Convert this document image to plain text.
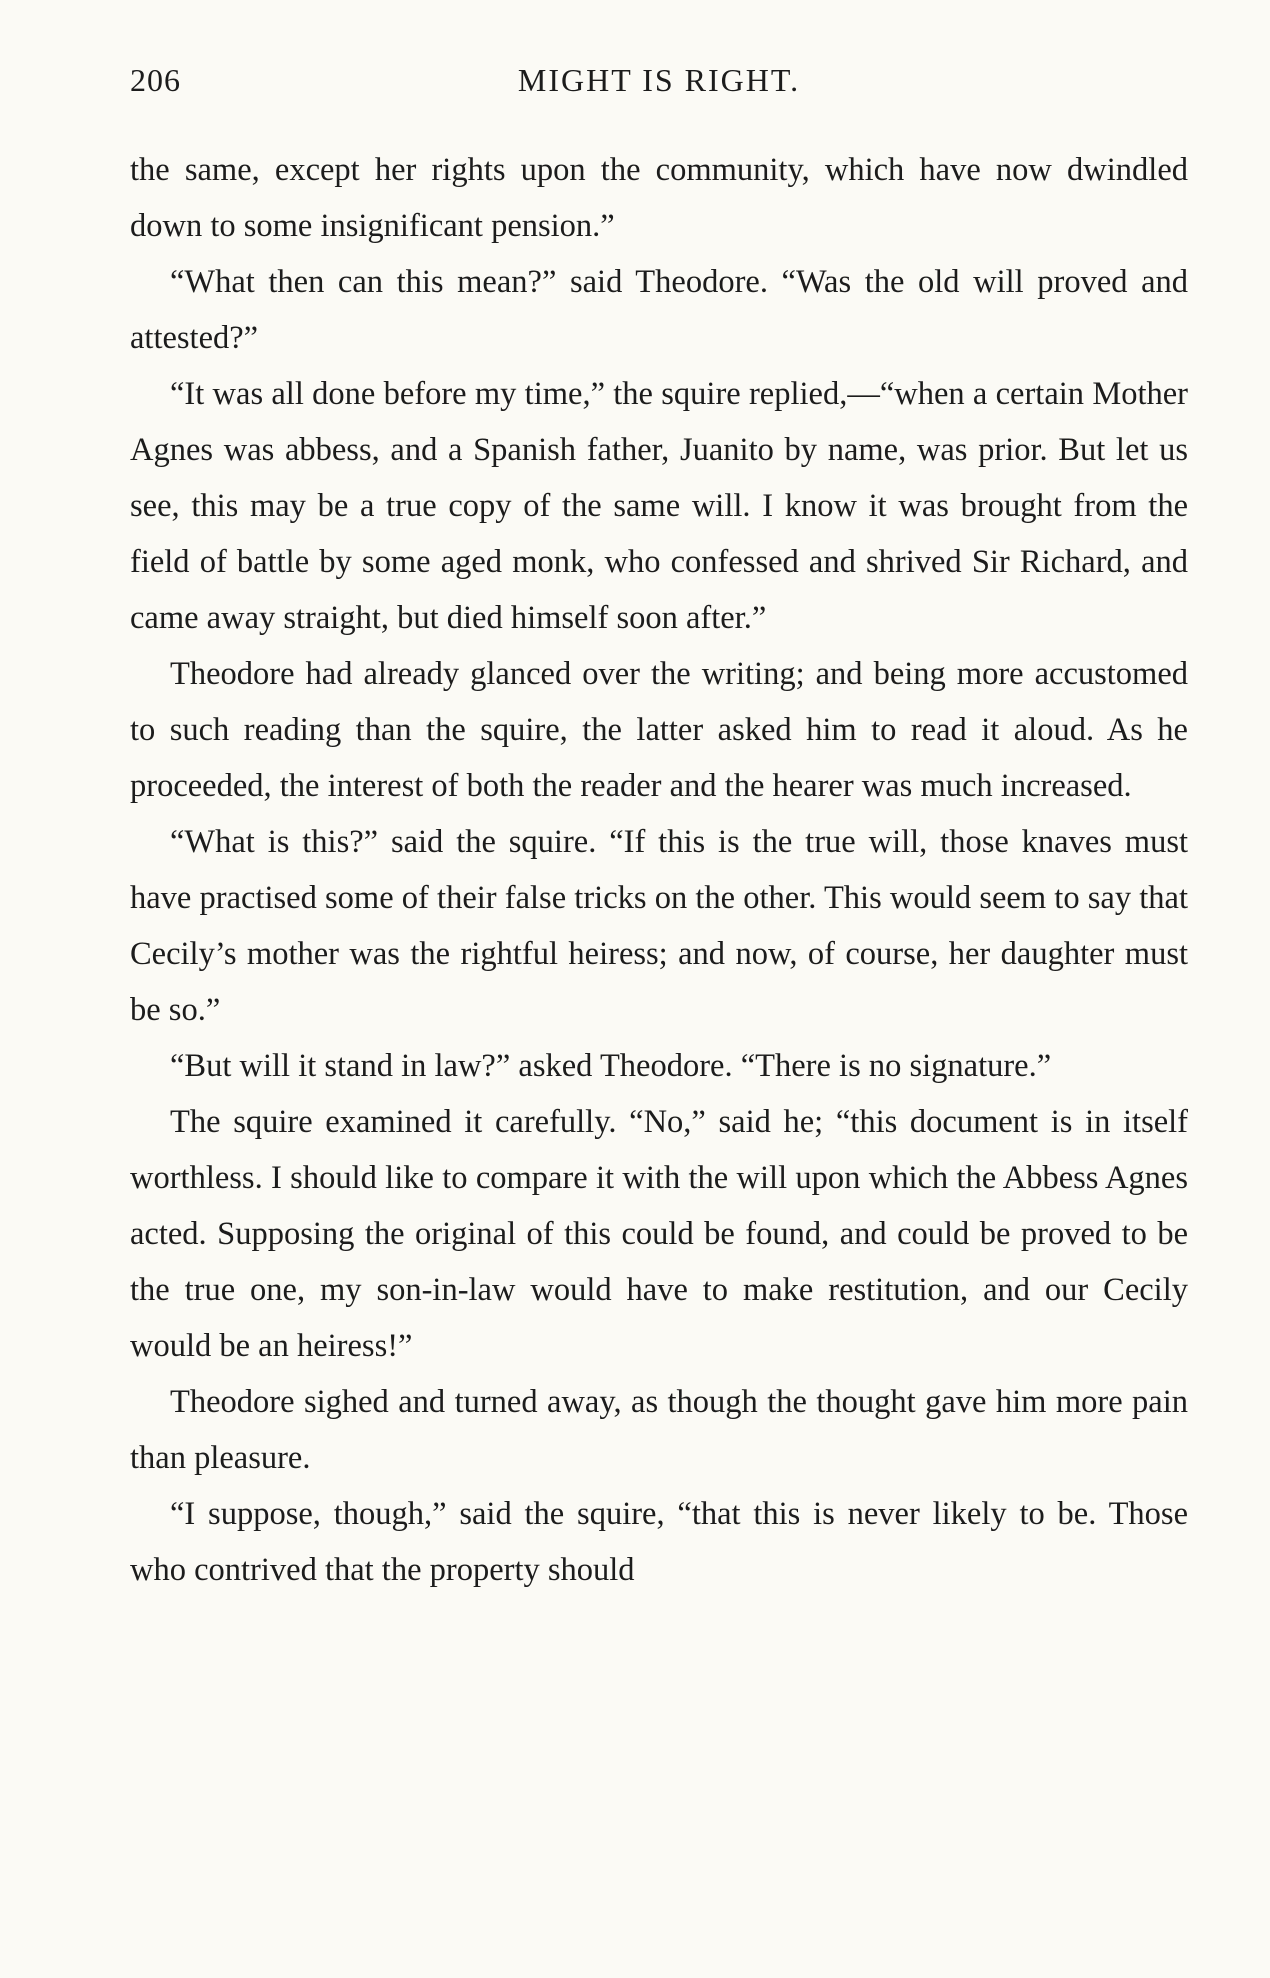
206	MIGHT IS RIGHT.

the same, except her rights upon the community, which have now dwindled down to some insignificant pension.”

“What then can this mean?” said Theodore. “Was the old will proved and attested?”

“It was all done before my time,” the squire replied,—“when a certain Mother Agnes was abbess, and a Spanish father, Juanito by name, was prior. But let us see, this may be a true copy of the same will. I know it was brought from the field of battle by some aged monk, who confessed and shrived Sir Richard, and came away straight, but died himself soon after.”

Theodore had already glanced over the writing; and being more accustomed to such reading than the squire, the latter asked him to read it aloud. As he proceeded, the interest of both the reader and the hearer was much increased.

“What is this?” said the squire. “If this is the true will, those knaves must have practised some of their false tricks on the other. This would seem to say that Cecily’s mother was the rightful heiress; and now, of course, her daughter must be so.”

“But will it stand in law?” asked Theodore. “There is no signature.”

The squire examined it carefully. “No,” said he; “this document is in itself worthless. I should like to compare it with the will upon which the Abbess Agnes acted. Supposing the original of this could be found, and could be proved to be the true one, my son-in-law would have to make restitution, and our Cecily would be an heiress!”

Theodore sighed and turned away, as though the thought gave him more pain than pleasure.

“I suppose, though,” said the squire, “that this is never likely to be. Those who contrived that the property should
